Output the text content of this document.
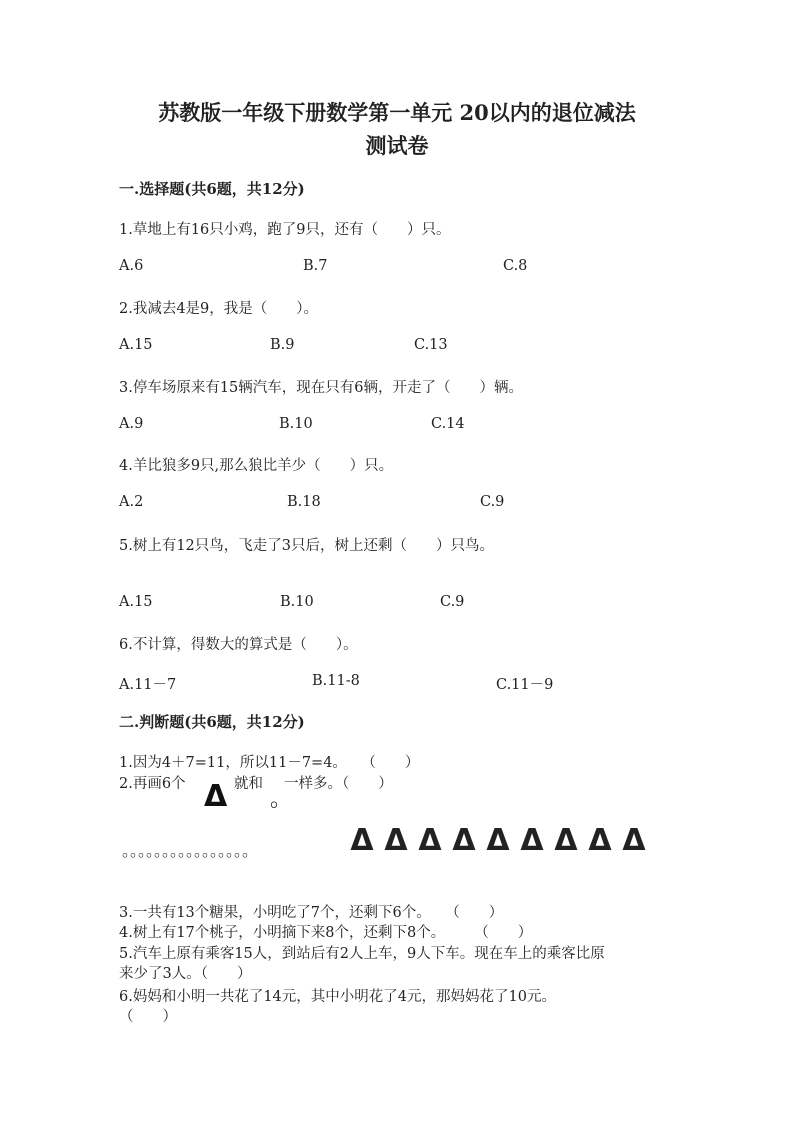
苏教版一年级下册数学第一单元 20以内的退位减法
测试卷
一.选择题(共6题，共12分)
1.草地上有16只小鸡，跑了9只，还有（　　）只。
A.6	B.7	C.8
2.我减去4是9，我是（　　）。
A.15	B.9	C.13
3.停车场原来有15辆汽车，现在只有6辆，开走了（　　）辆。
A.9	B.10	C.14
4.羊比狼多9只,那么狼比羊少（　　）只。
A.2	B.18	C.9
5.树上有12只鸟，飞走了3只后，树上还剩（　　）只鸟。
A.15	B.10	C.9
6.不计算，得数大的算式是（　　）。
A.11－7	B.11-8	C.11－9
二.判断题(共6题，共12分)
1.因为4＋7=11，所以11－7=4。　　（　　）
2.再画6个 Δ 就和
。
一样多。（　　）
。。。。。。。。。。。。。。。。	Δ Δ Δ Δ Δ Δ Δ Δ Δ
3.一共有13个糖果，小明吃了7个，还剩下6个。　　（　　）
4.树上有17个桃子，小明摘下来8个，还剩下8个。　　　（　　）
5.汽车上原有乘客15人，到站后有2人上车，9人下车。现在车上的乘客比原
来少了3人。（　　）
6.妈妈和小明一共花了14元，其中小明花了4元，那妈妈花了10元。
（　　）
